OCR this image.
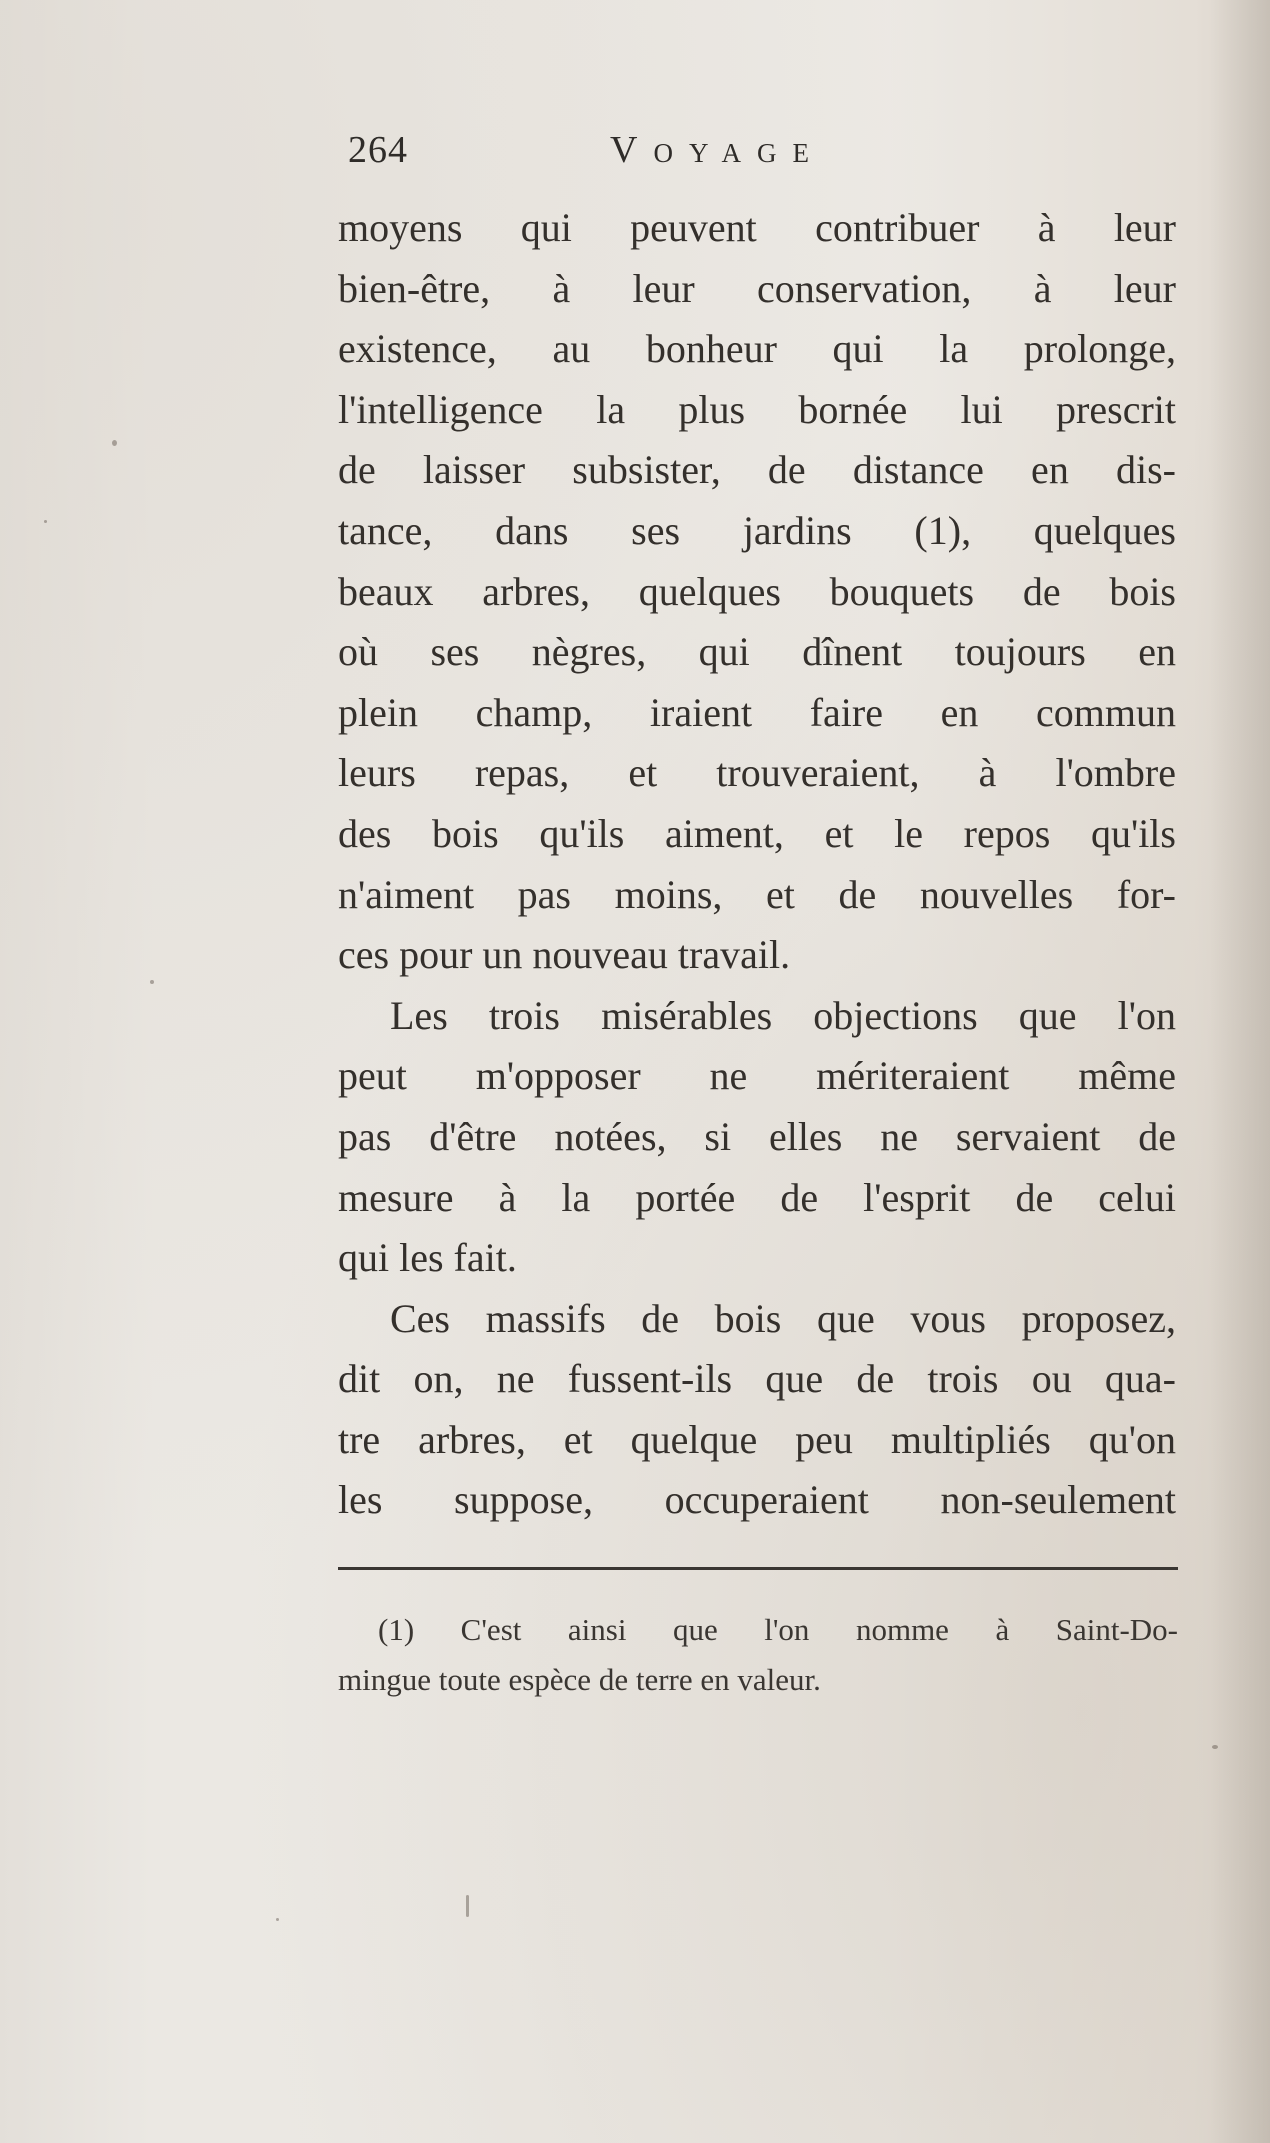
264	Voyage
moyens qui peuvent contribuer à leur
bien-être, à leur conservation, à leur
existence, au bonheur qui la prolonge,
l'intelligence la plus bornée lui prescrit
de laisser subsister, de distance en dis-
tance, dans ses jardins (1), quelques
beaux arbres, quelques bouquets de bois
où ses nègres, qui dînent toujours en
plein champ, iraient faire en commun
leurs repas, et trouveraient, à l'ombre
des bois qu'ils aiment, et le repos qu'ils
n'aiment pas moins, et de nouvelles for-
ces pour un nouveau travail.
Les trois misérables objections que l'on
peut m'opposer ne mériteraient même
pas d'être notées, si elles ne servaient de
mesure à la portée de l'esprit de celui
qui les fait.
Ces massifs de bois que vous proposez,
dit on, ne fussent-ils que de trois ou qua-
tre arbres, et quelque peu multipliés qu'on
les suppose, occuperaient non-seulement
(1) C'est ainsi que l'on nomme à Saint-Do-
mingue toute espèce de terre en valeur.
